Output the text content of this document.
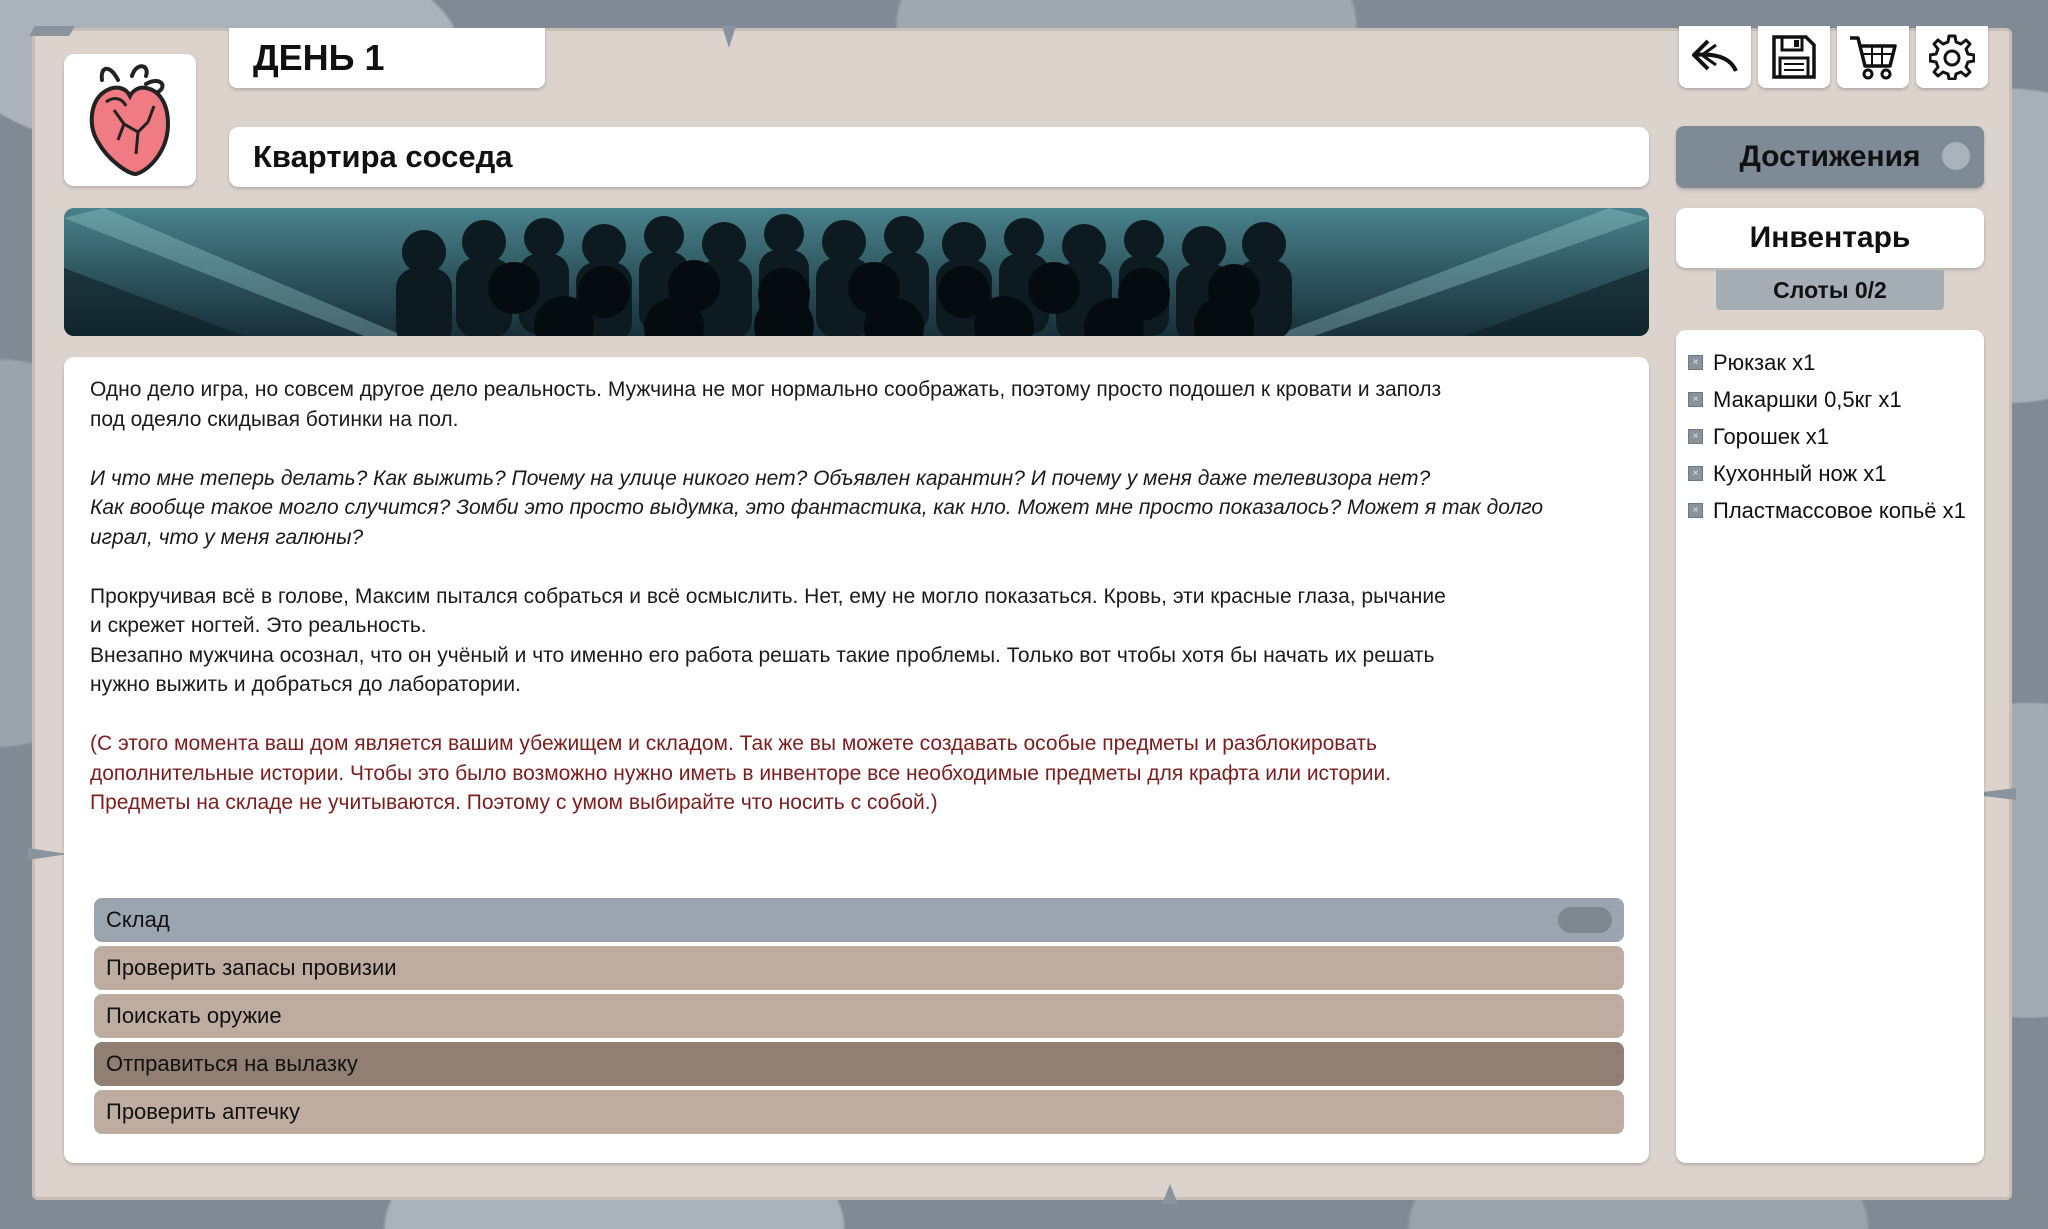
ДЕНЬ 1
Квартира соседа

Одно дело игра, но совсем другое дело реальность. Мужчина не мог нормально соображать, поэтому просто подошел к кровати и заполз
под одеяло скидывая ботинки на пол.

И что мне теперь делать? Как выжить? Почему на улице никого нет? Объявлен карантин? И почему у меня даже телевизора нет?
Как вообще такое могло случится? Зомби это просто выдумка, это фантастика, как нло. Может мне просто показалось? Может я так долго
играл, что у меня галюны?

Прокручивая всё в голове, Максим пытался собраться и всё осмыслить. Нет, ему не могло показаться. Кровь, эти красные глаза, рычание
и скрежет ногтей. Это реальность.
Внезапно мужчина осознал, что он учёный и что именно его работа решать такие проблемы. Только вот чтобы хотя бы начать их решать
нужно выжить и добраться до лаборатории.

(С этого момента ваш дом является вашим убежищем и складом. Так же вы можете создавать особые предметы и разблокировать
дополнительные истории. Чтобы это было возможно нужно иметь в инвенторе все необходимые предметы для крафта или истории.
Предметы на складе не учитываются. Поэтому с умом выбирайте что носить с собой.)

Склад
Проверить запасы провизии
Поискать оружие
Отправиться на вылазку
Проверить аптечку
Достижения
Инвентарь
Слоты 0/2
× Рюкзак х1
× Макаршки 0,5кг х1
× Горошек х1
× Кухонный нож х1
× Пластмассовое копьё х1
